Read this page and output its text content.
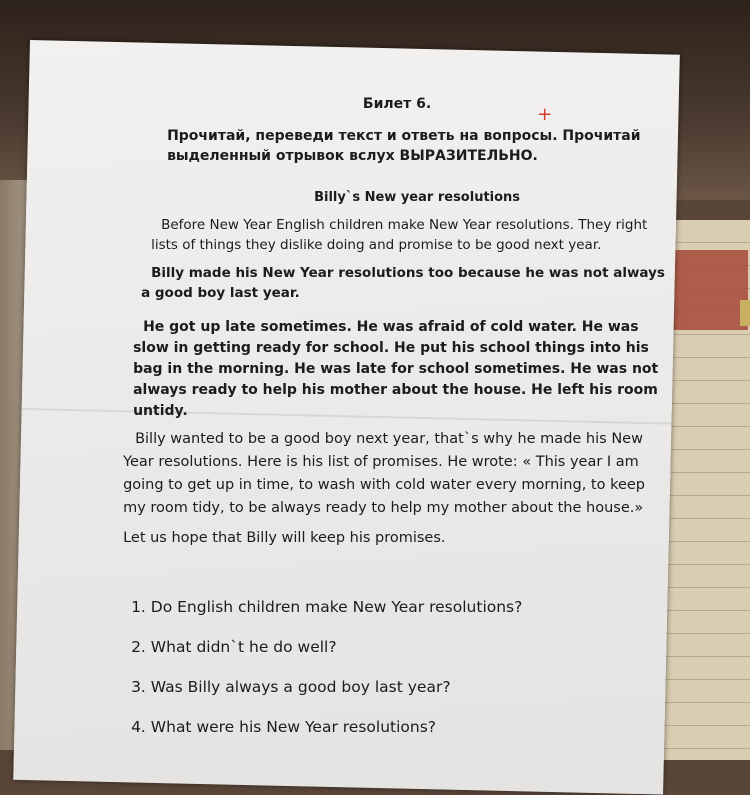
Билет 6.	+
Прочитай, переведи текст и ответь на вопросы. Прочитай выделенный отрывок вслух ВЫРАЗИТЕЛЬНО.
Billy`s New year resolutions

Before New Year English children make New Year resolutions. They right lists of things they dislike doing and promise to be good next year.

Billy made his New Year resolutions too because he was not always a good boy last year.

He got up late sometimes. He was afraid of cold water. He was slow in getting ready for school. He put his school things into his bag in the morning. He was late for school sometimes. He was not always ready to help his mother about the house. He left his room untidy.

Billy wanted to be a good boy next year, that`s why he made his New Year resolutions. Here is his list of promises. He wrote: « This year I am going to get up in time, to wash with cold water every morning, to keep my room tidy, to be always ready to help my mother about the house.»

Let us hope that Billy will keep his promises.

1. Do English children make New Year resolutions?
2. What didn`t he do well?
3. Was Billy always a good boy last year?
4. What were his New Year resolutions?
